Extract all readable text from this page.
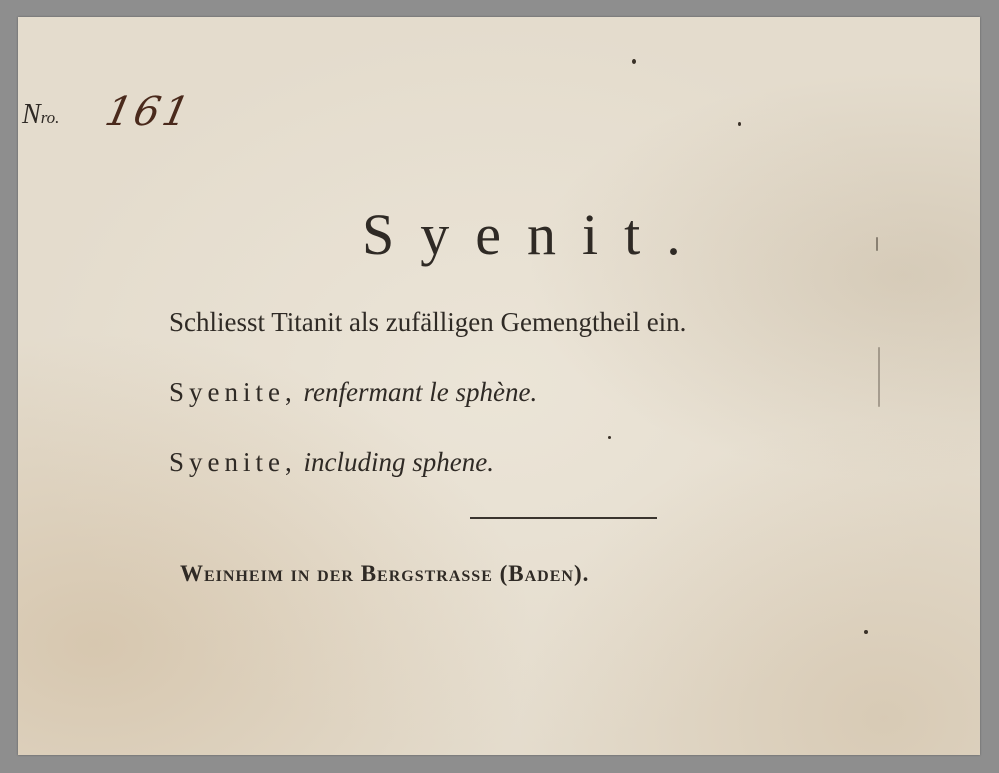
Nro. 161
Syenit.
Schliesst Titanit als zufälligen Gemengtheil ein.
Syenite, renfermant le sphène.
Syenite, including sphene.
Weinheim in der Bergstrasse (Baden).
